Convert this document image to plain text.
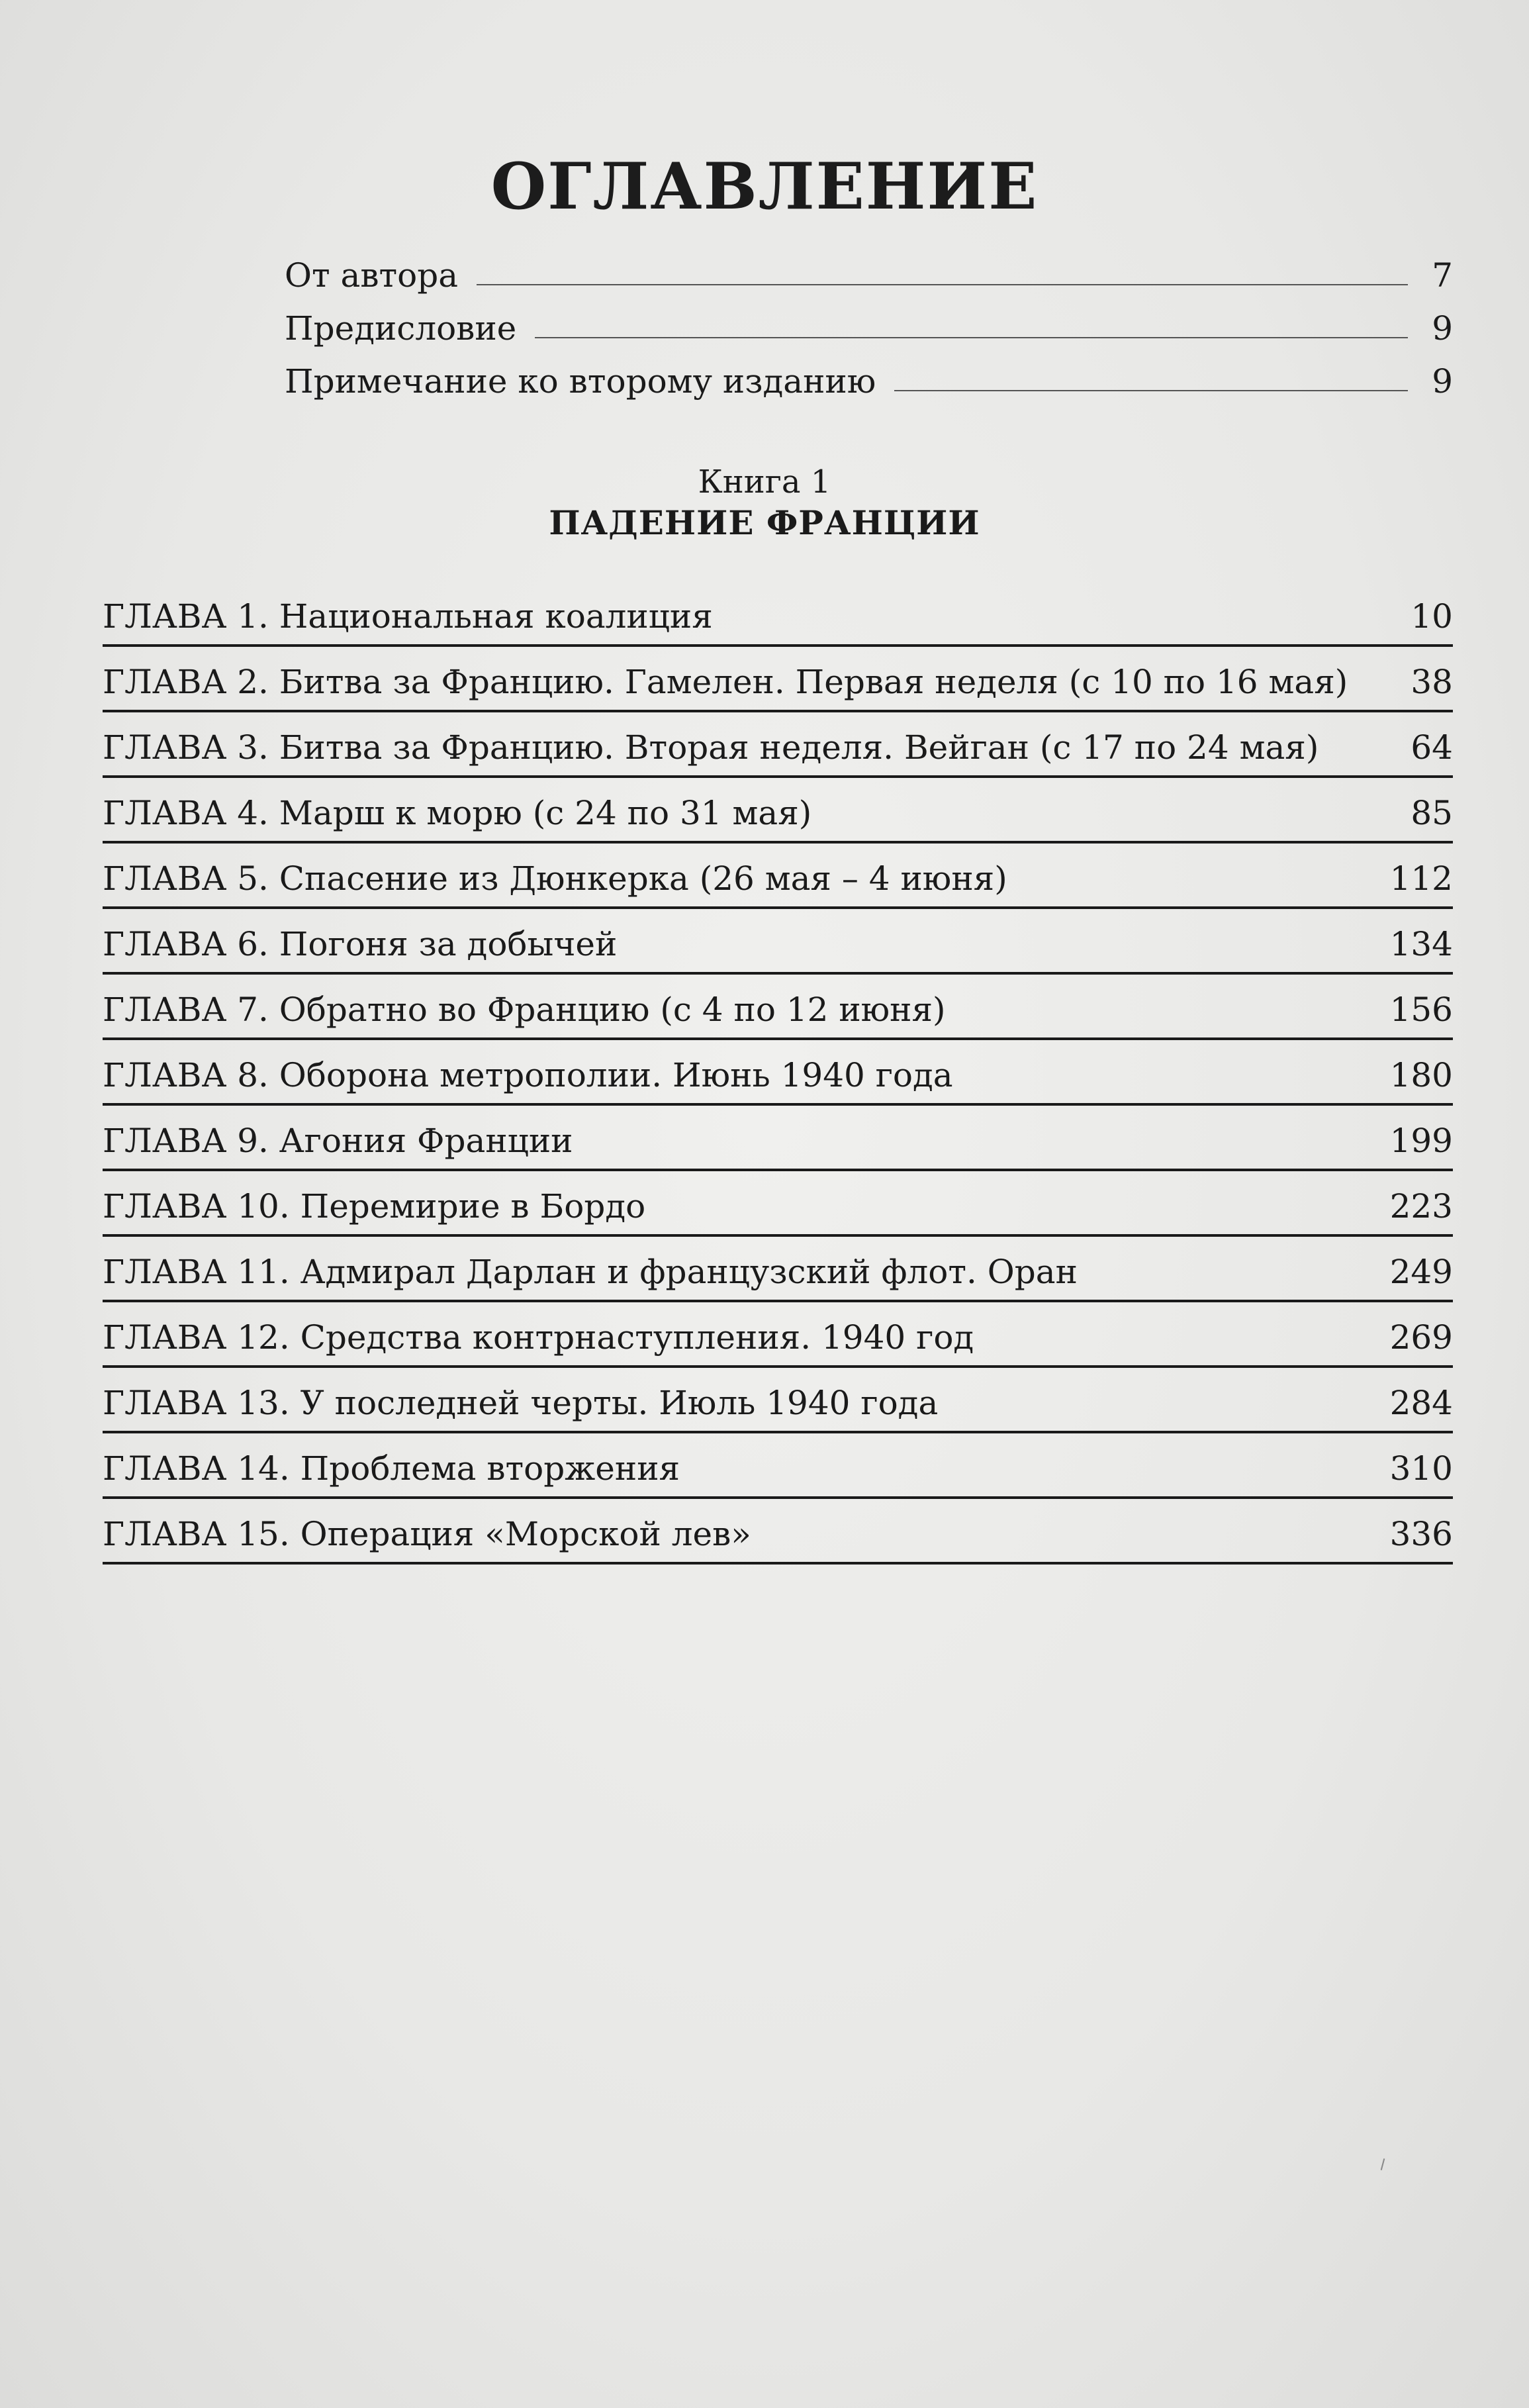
ОГЛАВЛЕНИЕ
От автора	7
Предисловие	9
Примечание ко второму изданию	9
Книга 1
ПАДЕНИЕ ФРАНЦИИ
ГЛАВА 1. Национальная коалиция	10
ГЛАВА 2. Битва за Францию. Гамелен. Первая неделя (с 10 по 16 мая) 38
ГЛАВА 3. Битва за Францию. Вторая неделя. Вейган (с 17 по 24 мая)	64
ГЛАВА 4. Марш к морю (с 24 по 31 мая)	85
ГЛАВА 5. Спасение из Дюнкерка (26 мая – 4 июня)	112
ГЛАВА 6. Погоня за добычей	134
ГЛАВА 7. Обратно во Францию (с 4 по 12 июня)	156
ГЛАВА 8. Оборона метрополии. Июнь 1940 года	180
ГЛАВА 9. Агония Франции	199
ГЛАВА 10. Перемирие в Бордо	223
ГЛАВА 11. Адмирал Дарлан и французский флот. Оран	249
ГЛАВА 12. Средства контрнаступления. 1940 год	269
ГЛАВА 13. У последней черты. Июль 1940 года	284
ГЛАВА 14. Проблема вторжения	310
ГЛАВА 15. Операция «Морской лев»	336
